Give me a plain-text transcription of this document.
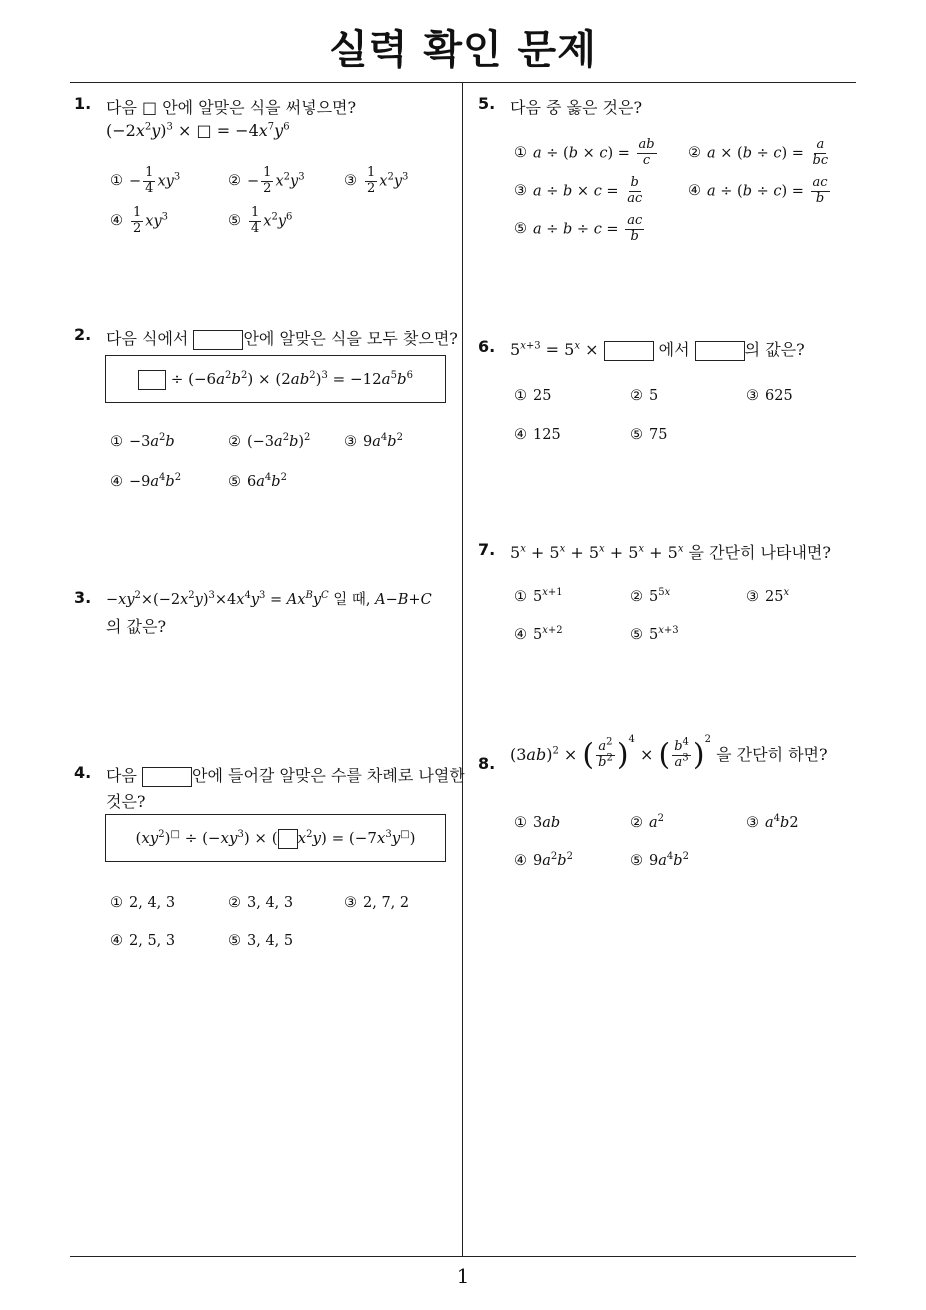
실력 확인 문제
1
1. 다음 □ 안에 알맞은 식을 써넣으면?
$(-2x^2y)^3$ × □ = $-4x^7y^6$
① − $\frac{1}{4} xy^3$	② − $\frac{1}{2} x^2y^3$	③ $\frac{1}{2} x^2y^3$
④ $\frac{1}{2} xy^3$	⑤ $\frac{1}{4} x^2y^6$
2. 다음 식에서	안에 알맞은 식을 모두 찾으면?
÷ $(-6a^2b^2) \times (2ab^2)^3 = -12a^5b^6$
① $-3a^2b$	② $(-3a^2b)^2$ ③ $9a^4b^2$
④ $-9a^4b^2$	⑤ $6a^4b^2$
3. $-xy^2\times(-2x^2y)^3\times 4x^4y^3 = Ax^By^C$ 일 때, A−B+C
의 값은?
4. 다음	안에 들어갈 알맞은 수를 차례로 나열한
것은?
$(xy^2)^□ \div (-xy^3)$ × ( $x^2y) = (-7x^3y^□)$
① 2, 4, 3	② 3, 4, 3	③ 2, 7, 2
④ 2, 5, 3	⑤ 3, 4, 5
5. 다음 중 옳은 것은?
① $a \div (b \times c) = \frac{ab}{c}$ ② $a \times (b \div c) = \frac{a}{bc}$
③ $a \div b \times c = \frac{b}{ac}$	④ $a \div (b \div c) = \frac{ac}{b}$
⑤ $a \div b \div c = \frac{ac}{b}$
6. $5^{x+3} = 5^x$ ×	에서	의 값은?
① 25	② 5	③ 625
④ 125	⑤ 75
7. $5^x + 5^x + 5^x + 5^x + 5^x$ 을 간단히 나타내면?
① $5^{x+1}$	② $5^{5x}$	③ 25$^x$
④ $5^{x+2}$	⑤ $5^{x+3}$
8. $(3ab)^2$ × ( $\frac{a^2}{b^2} )^4$ × ( $\frac{b^4}{a^3} )^2$ 을 간단히 하면?
① 3ab	② $a^2$	③ $a^4b2$
④ $9a^2b^2$	⑤ $9a^4b^2$
